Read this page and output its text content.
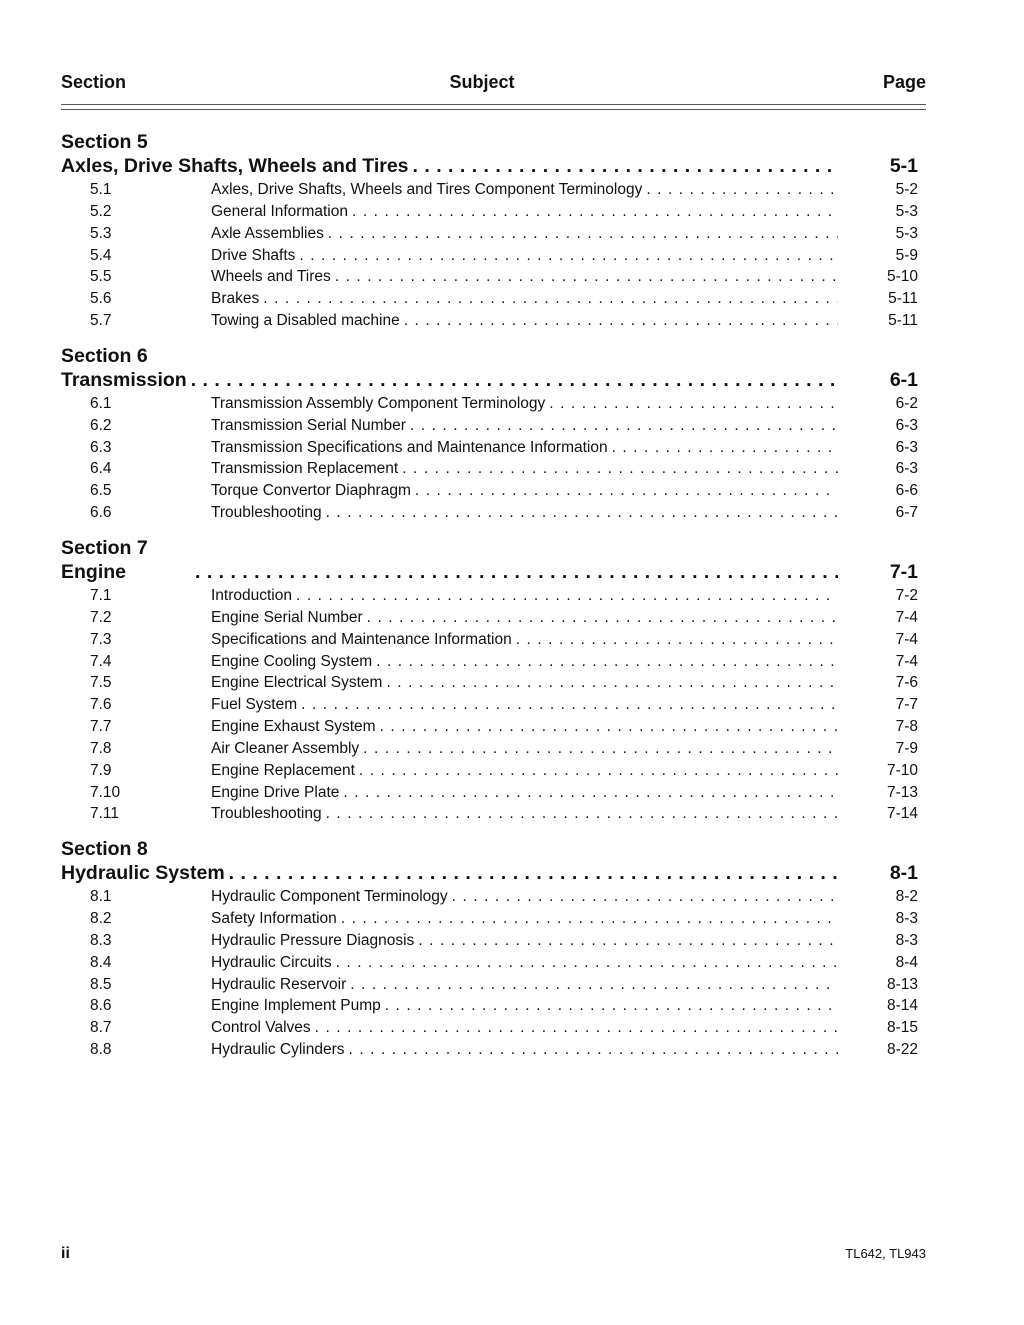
Section	Subject	Page
Section 5
Axles, Drive Shafts, Wheels and Tires . . .	5-1
5.1	Axles, Drive Shafts, Wheels and Tires Component Terminology . . .	5-2
5.2	General Information . . .	5-3
5.3	Axle Assemblies . . .	5-3
5.4	Drive Shafts . . .	5-9
5.5	Wheels and Tires . . .	5-10
5.6	Brakes . . .	5-11
5.7	Towing a Disabled machine . . .	5-11
Section 6
Transmission . . .	6-1
6.1	Transmission Assembly Component Terminology . . .	6-2
6.2	Transmission Serial Number . . .	6-3
6.3	Transmission Specifications and Maintenance Information . . .	6-3
6.4	Transmission Replacement . . .	6-3
6.5	Torque Convertor Diaphragm . . .	6-6
6.6	Troubleshooting . . .	6-7
Section 7
Engine . . .	7-1
7.1	Introduction . . .	7-2
7.2	Engine Serial Number . . .	7-4
7.3	Specifications and Maintenance Information . . .	7-4
7.4	Engine Cooling System . . .	7-4
7.5	Engine Electrical System . . .	7-6
7.6	Fuel System . . .	7-7
7.7	Engine Exhaust System . . .	7-8
7.8	Air Cleaner Assembly . . .	7-9
7.9	Engine Replacement . . .	7-10
7.10	Engine Drive Plate . . .	7-13
7.11	Troubleshooting . . .	7-14
Section 8
Hydraulic System . . .	8-1
8.1	Hydraulic Component Terminology . . .	8-2
8.2	Safety Information . . .	8-3
8.3	Hydraulic Pressure Diagnosis . . .	8-3
8.4	Hydraulic Circuits . . .	8-4
8.5	Hydraulic Reservoir . . .	8-13
8.6	Engine Implement Pump . . .	8-14
8.7	Control Valves . . .	8-15
8.8	Hydraulic Cylinders . . .	8-22
ii	TL642, TL943
